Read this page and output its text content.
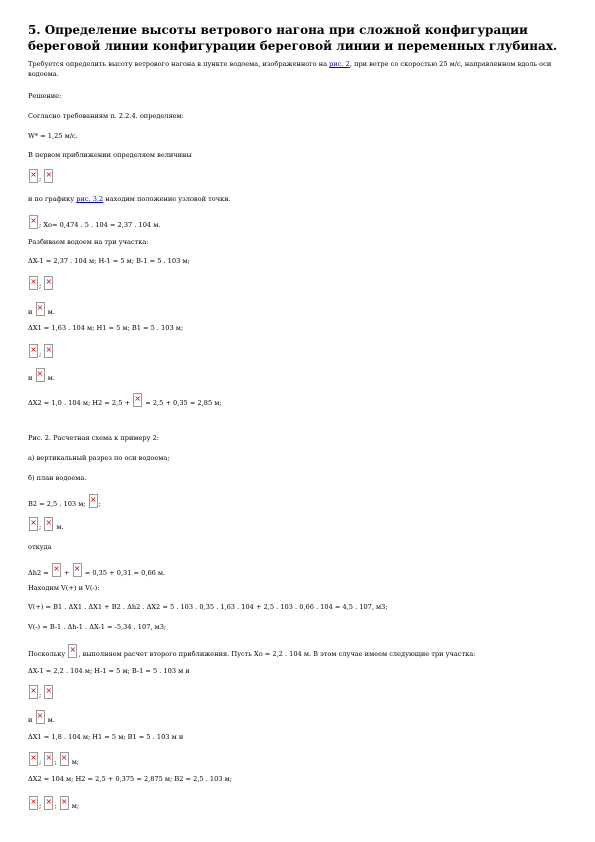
5. Определение высоты ветрового нагона при сложной конфигурации береговой линии конфигурации береговой линии и переменных глубинах.
Требуется определить высоту ветрового нагона в пункте водоема, изображенного на рис. 2, при ветре со скоростью 25 м/с, направленном вдоль оси водоема.
Решение:
Согласно требованиям п. 2.2.4. определяем:
W* = 1,25 м/с.
В первом приближении определяем величины
×; ×
и по графику рис. 3.2 находим положение узловой точки.
×; Xo= 0,474 . 5 . 104 = 2,37 . 104 м.
Разбиваем водоем на три участка:
ΔX-1 = 2,37 . 104 м; H-1 = 5 м; B-1 = 5 . 103 м;
×; ×
и × м.
ΔX1 = 1,63 . 104 м; H1 = 5 м; B1 = 5 . 103 м;
×; ×
и × м.
ΔX2 = 1,0 . 104 м; H2 = 2,5 + × = 2,5 + 0,35 = 2,85 м;
Рис. 2. Расчетная схема к примеру 2:
а) вертикальный разрез по оси водоема;
б) план водоема.
B2 = 2,5 . 103 м; ×;
×; × м.
откуда
Δh2 = × + × = 0,35 + 0,31 = 0,66 м.
Находим V(+) и V(-):
V(+) = B1 . ΔX1 . ΔX1 + B2 . Δh2 . ΔX2 = 5 . 103 . 0,35 . 1,63 . 104 + 2,5 . 103 . 0,66 . 104 = 4,5 . 107, м3;
V(-) = B-1 . Δh-1 . ΔX-1 = -5,34 . 107, м3;
Поскольку ×, выполняем расчет второго приближения. Пусть Xo = 2,2 . 104 м. В этом случае имеем следующие три участка:
ΔX-1 = 2,2 . 104 м; H-1 = 5 м; B-1 = 5 . 103 м и
×; ×
и × м.
ΔX1 = 1,8 . 104 м; H1 = 5 м; B1 = 5 . 103 м и
×; ×; × м;
ΔX2 = 104 м; H2 = 2,5 + 0,375 = 2,875 м; B2 = 2,5 . 103 м;
×; ×; × м;
